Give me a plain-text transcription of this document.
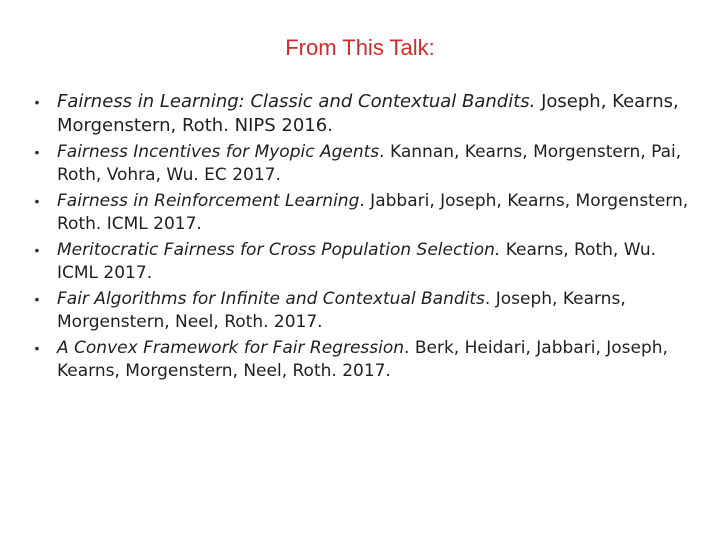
From This Talk:
• Fairness in Learning: Classic and Contextual Bandits. Joseph, Kearns, Morgenstern, Roth. NIPS 2016.
• Fairness Incentives for Myopic Agents. Kannan, Kearns, Morgenstern, Pai, Roth, Vohra, Wu. EC 2017.
• Fairness in Reinforcement Learning. Jabbari, Joseph, Kearns, Morgenstern, Roth. ICML 2017.
• Meritocratic Fairness for Cross Population Selection. Kearns, Roth, Wu. ICML 2017.
• Fair Algorithms for Infinite and Contextual Bandits. Joseph, Kearns, Morgenstern, Neel, Roth. 2017.
• A Convex Framework for Fair Regression. Berk, Heidari, Jabbari, Joseph, Kearns, Morgenstern, Neel, Roth. 2017.
